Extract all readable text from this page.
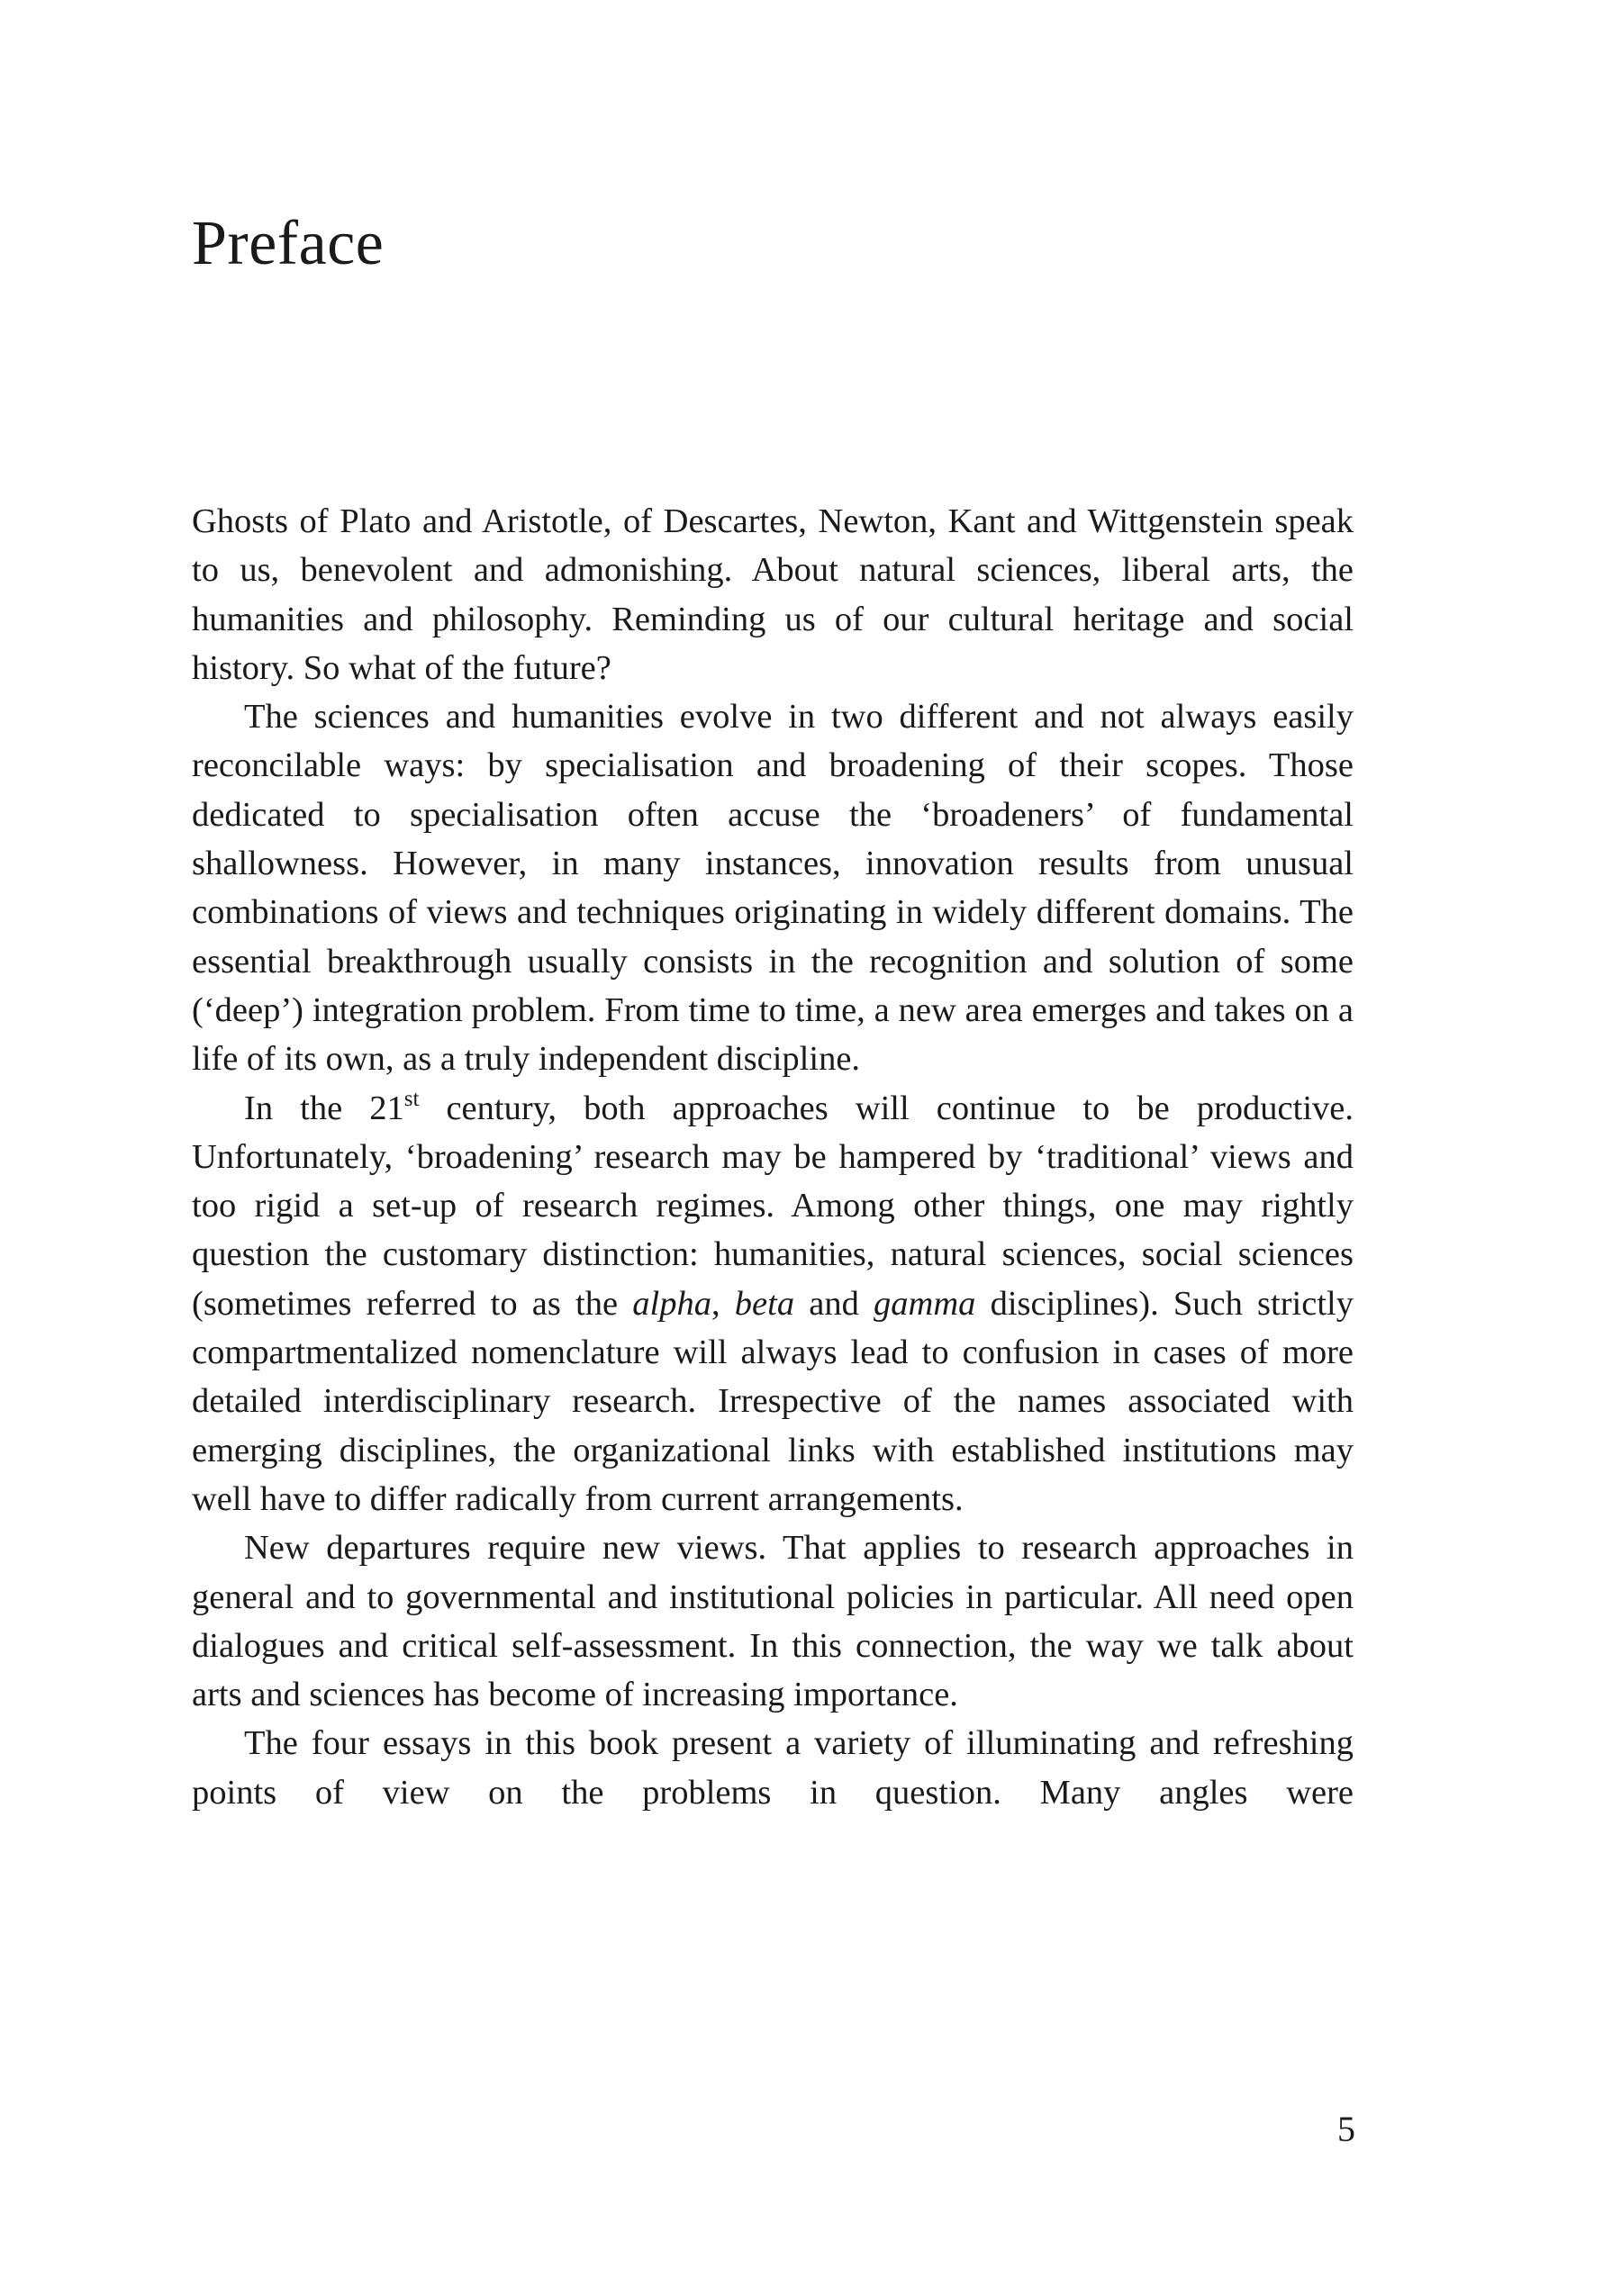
Preface

Ghosts of Plato and Aristotle, of Descartes, Newton, Kant and Wittgenstein speak to us, benevolent and admonishing. About natural sciences, liberal arts, the humanities and philosophy. Reminding us of our cultural heritage and social history. So what of the future?

The sciences and humanities evolve in two different and not always easily reconcilable ways: by specialisation and broadening of their scopes. Those dedicated to specialisation often accuse the ‘broadeners’ of fundamental shallowness. However, in many instances, innovation results from unusual combinations of views and techniques originating in widely different domains. The essential breakthrough usually consists in the recognition and solution of some (‘deep’) integration problem. From time to time, a new area emerges and takes on a life of its own, as a truly independent discipline.

In the 21st century, both approaches will continue to be productive. Unfortunately, ‘broadening’ research may be hampered by ‘traditional’ views and too rigid a set-up of research regimes. Among other things, one may rightly question the customary distinction: humanities, natural sciences, social sciences (sometimes referred to as the alpha, beta and gamma disciplines). Such strictly compartmentalized nomenclature will always lead to confusion in cases of more detailed interdisciplinary research. Irrespective of the names associated with emerging disciplines, the organizational links with established institutions may well have to differ radically from current arrangements.

New departures require new views. That applies to research approaches in general and to governmental and institutional policies in particular. All need open dialogues and critical self-assessment. In this connection, the way we talk about arts and sciences has become of increasing importance.

The four essays in this book present a variety of illuminating and refreshing points of view on the problems in question. Many angles were

5
